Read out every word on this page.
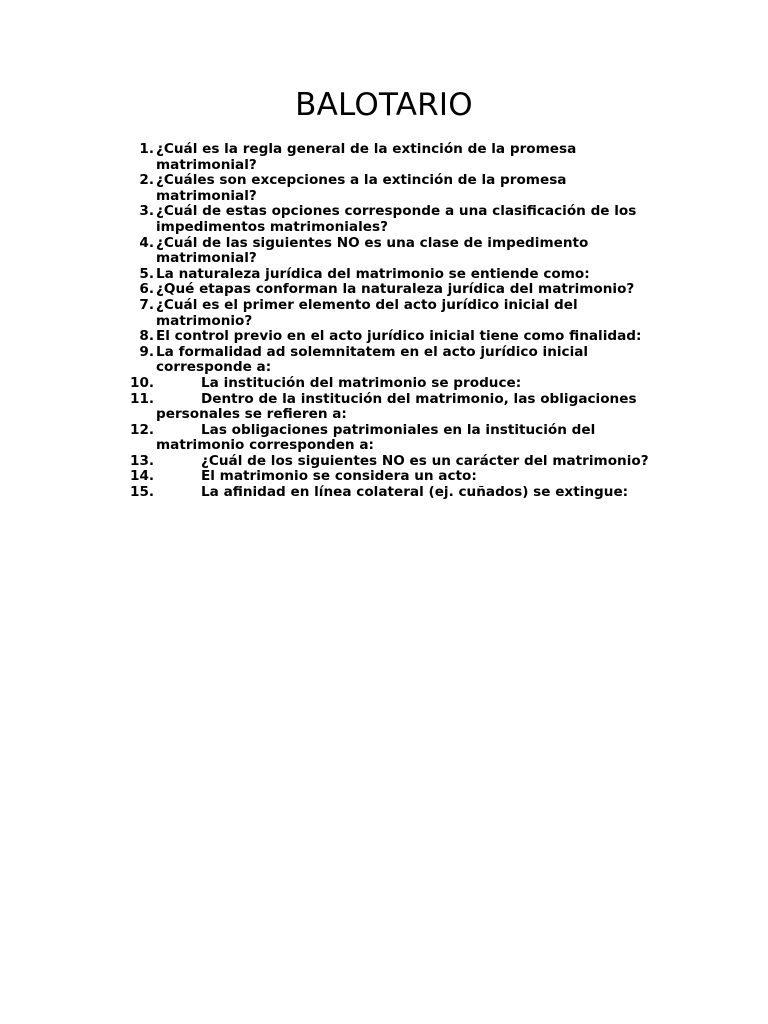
BALOTARIO
1. ¿Cuál es la regla general de la extinción de la promesa matrimonial?
2. ¿Cuáles son excepciones a la extinción de la promesa matrimonial?
3. ¿Cuál de estas opciones corresponde a una clasificación de los impedimentos matrimoniales?
4. ¿Cuál de las siguientes NO es una clase de impedimento matrimonial?
5. La naturaleza jurídica del matrimonio se entiende como:
6. ¿Qué etapas conforman la naturaleza jurídica del matrimonio?
7. ¿Cuál es el primer elemento del acto jurídico inicial del matrimonio?
8. El control previo en el acto jurídico inicial tiene como finalidad:
9. La formalidad ad solemnitatem en el acto jurídico inicial corresponde a:
10.	La institución del matrimonio se produce:
11.	Dentro de la institución del matrimonio, las obligaciones personales se refieren a:
12.	Las obligaciones patrimoniales en la institución del matrimonio corresponden a:
13.	¿Cuál de los siguientes NO es un carácter del matrimonio?
14.	El matrimonio se considera un acto:
15.	La afinidad en línea colateral (ej. cuñados) se extingue:
